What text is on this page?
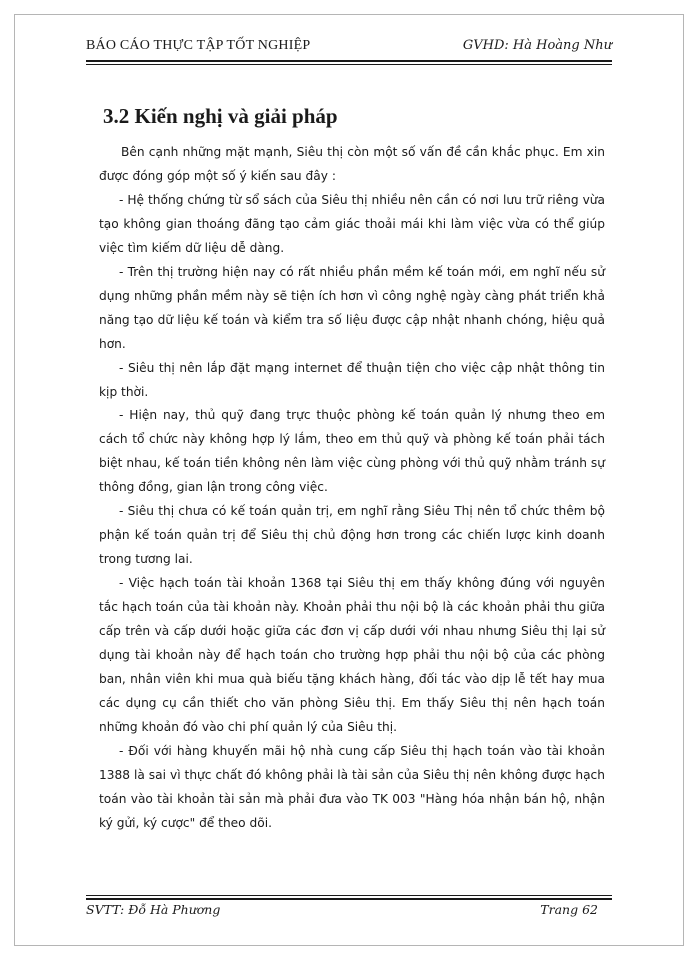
BÁO CÁO THỰC TẬP TỐT NGHIỆP	GVHD: Hà Hoàng Như
3.2 Kiến nghị và giải pháp

Bên cạnh những mặt mạnh, Siêu thị còn một số vấn đề cần khắc phục. Em xin được đóng góp một số ý kiến sau đây :

- Hệ thống chứng từ sổ sách của Siêu thị nhiều nên cần có nơi lưu trữ riêng vừa tạo không gian thoáng đãng tạo cảm giác thoải mái khi làm việc vừa có thể giúp việc tìm kiếm dữ liệu dễ dàng.

- Trên thị trường hiện nay có rất nhiều phần mềm kế toán mới, em nghĩ nếu sử dụng những phần mềm này sẽ tiện ích hơn vì công nghệ ngày càng phát triển khả năng tạo dữ liệu kế toán và kiểm tra số liệu được cập nhật nhanh chóng, hiệu quả hơn.

- Siêu thị nên lắp đặt mạng internet để thuận tiện cho việc cập nhật thông tin kịp thời.

- Hiện nay, thủ quỹ đang trực thuộc phòng kế toán quản lý nhưng theo em cách tổ chức này không hợp lý lắm, theo em thủ quỹ và phòng kế toán phải tách biệt nhau, kế toán tiền không nên làm việc cùng phòng với thủ quỹ nhằm tránh sự thông đồng, gian lận trong công việc.

- Siêu thị chưa có kế toán quản trị, em nghĩ rằng Siêu Thị nên tổ chức thêm bộ phận kế toán quản trị để Siêu thị chủ động hơn trong các chiến lược kinh doanh trong tương lai.

- Việc hạch toán tài khoản 1368 tại Siêu thị em thấy không đúng với nguyên tắc hạch toán của tài khoản này. Khoản phải thu nội bộ là các khoản phải thu giữa cấp trên và cấp dưới hoặc giữa các đơn vị cấp dưới với nhau nhưng Siêu thị lại sử dụng tài khoản này để hạch toán cho trường hợp phải thu nội bộ của các phòng ban, nhân viên khi mua quà biếu tặng khách hàng, đối tác vào dịp lễ tết hay mua các dụng cụ cần thiết cho văn phòng Siêu thị. Em thấy Siêu thị nên hạch toán những khoản đó vào chi phí quản lý của Siêu thị.

- Đối với hàng khuyến mãi hộ nhà cung cấp Siêu thị hạch toán vào tài khoản 1388 là sai vì thực chất đó không phải là tài sản của Siêu thị nên không được hạch toán vào tài khoản tài sản mà phải đưa vào TK 003 "Hàng hóa nhận bán hộ, nhận ký gửi, ký cược" để theo dõi.

SVTT: Đỗ Hà Phương	Trang 62
